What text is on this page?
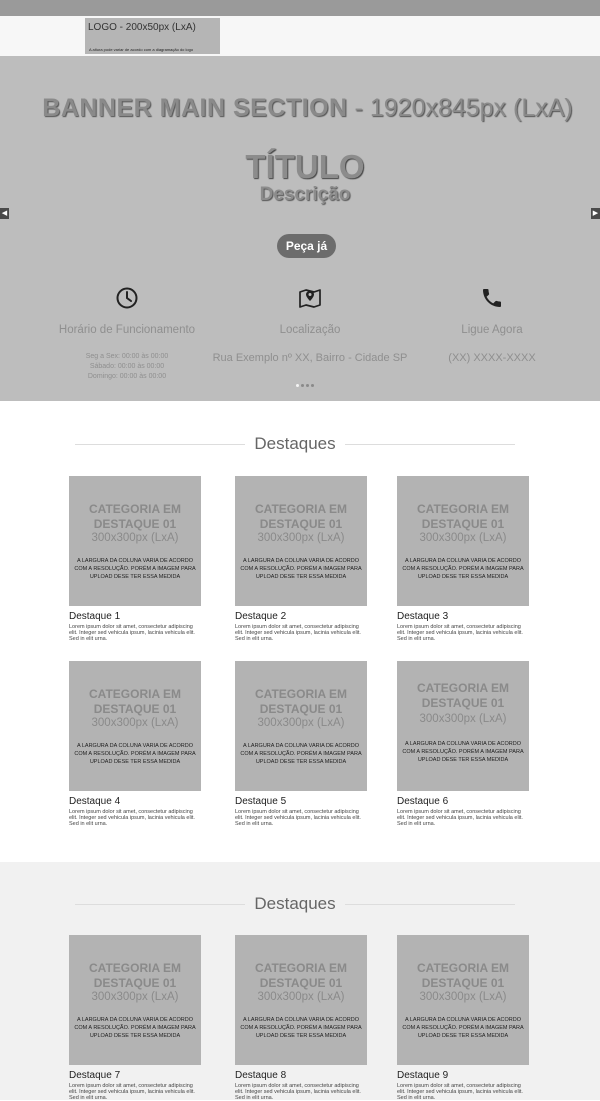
LOGO - 200x50px (LxA)
A altura pode variar de acordo com a diagramação do logo
BANNER MAIN SECTION - 1920x845px (LxA)
TÍTULO
Descrição
Peça já
◀	▶
Horário de Funcionamento
Seg a Sex: 00:00 às 00:00
Sábado: 00:00 às 00:00
Domingo: 00:00 às 00:00
Localização
Rua Exemplo nº XX, Bairro - Cidade SP
Ligue Agora
(XX) XXXX-XXXX
Destaques
CATEGORIA EM
DESTAQUE 01
300x300px (LxA)
A LARGURA DA COLUNA VARIA DE ACORDO COM A RESOLUÇÃO. PORÉM A IMAGEM PARA UPLOAD DESE TER ESSA MEDIDA
Destaque 1
Lorem ipsum dolor sit amet, consectetur adipiscing elit. Integer sed vehicula ipsum, lacinia vehicula elit. Sed in elit urna.
CATEGORIA EM
DESTAQUE 01
300x300px (LxA)
A LARGURA DA COLUNA VARIA DE ACORDO COM A RESOLUÇÃO. PORÉM A IMAGEM PARA UPLOAD DESE TER ESSA MEDIDA
Destaque 2
Lorem ipsum dolor sit amet, consectetur adipiscing elit. Integer sed vehicula ipsum, lacinia vehicula elit. Sed in elit urna.
CATEGORIA EM
DESTAQUE 01
300x300px (LxA)
A LARGURA DA COLUNA VARIA DE ACORDO COM A RESOLUÇÃO. PORÉM A IMAGEM PARA UPLOAD DESE TER ESSA MEDIDA
Destaque 3
Lorem ipsum dolor sit amet, consectetur adipiscing elit. Integer sed vehicula ipsum, lacinia vehicula elit. Sed in elit urna.
CATEGORIA EM
DESTAQUE 01
300x300px (LxA)
A LARGURA DA COLUNA VARIA DE ACORDO COM A RESOLUÇÃO. PORÉM A IMAGEM PARA UPLOAD DESE TER ESSA MEDIDA
Destaque 4
Lorem ipsum dolor sit amet, consectetur adipiscing elit. Integer sed vehicula ipsum, lacinia vehicula elit. Sed in elit urna.
CATEGORIA EM
DESTAQUE 01
300x300px (LxA)
A LARGURA DA COLUNA VARIA DE ACORDO COM A RESOLUÇÃO. PORÉM A IMAGEM PARA UPLOAD DESE TER ESSA MEDIDA
Destaque 5
Lorem ipsum dolor sit amet, consectetur adipiscing elit. Integer sed vehicula ipsum, lacinia vehicula elit. Sed in elit urna.
CATEGORIA EM
DESTAQUE 01
300x300px (LxA)
A LARGURA DA COLUNA VARIA DE ACORDO COM A RESOLUÇÃO. PORÉM A IMAGEM PARA UPLOAD DESE TER ESSA MEDIDA
Destaque 6
Lorem ipsum dolor sit amet, consectetur adipiscing elit. Integer sed vehicula ipsum, lacinia vehicula elit. Sed in elit urna.
Destaques
CATEGORIA EM
DESTAQUE 01
300x300px (LxA)
A LARGURA DA COLUNA VARIA DE ACORDO COM A RESOLUÇÃO. PORÉM A IMAGEM PARA UPLOAD DESE TER ESSA MEDIDA
Destaque 7
Lorem ipsum dolor sit amet, consectetur adipiscing elit. Integer sed vehicula ipsum, lacinia vehicula elit. Sed in elit urna.
CATEGORIA EM
DESTAQUE 01
300x300px (LxA)
A LARGURA DA COLUNA VARIA DE ACORDO COM A RESOLUÇÃO. PORÉM A IMAGEM PARA UPLOAD DESE TER ESSA MEDIDA
Destaque 8
Lorem ipsum dolor sit amet, consectetur adipiscing elit. Integer sed vehicula ipsum, lacinia vehicula elit. Sed in elit urna.
CATEGORIA EM
DESTAQUE 01
300x300px (LxA)
A LARGURA DA COLUNA VARIA DE ACORDO COM A RESOLUÇÃO. PORÉM A IMAGEM PARA UPLOAD DESE TER ESSA MEDIDA
Destaque 9
Lorem ipsum dolor sit amet, consectetur adipiscing elit. Integer sed vehicula ipsum, lacinia vehicula elit. Sed in elit urna.
